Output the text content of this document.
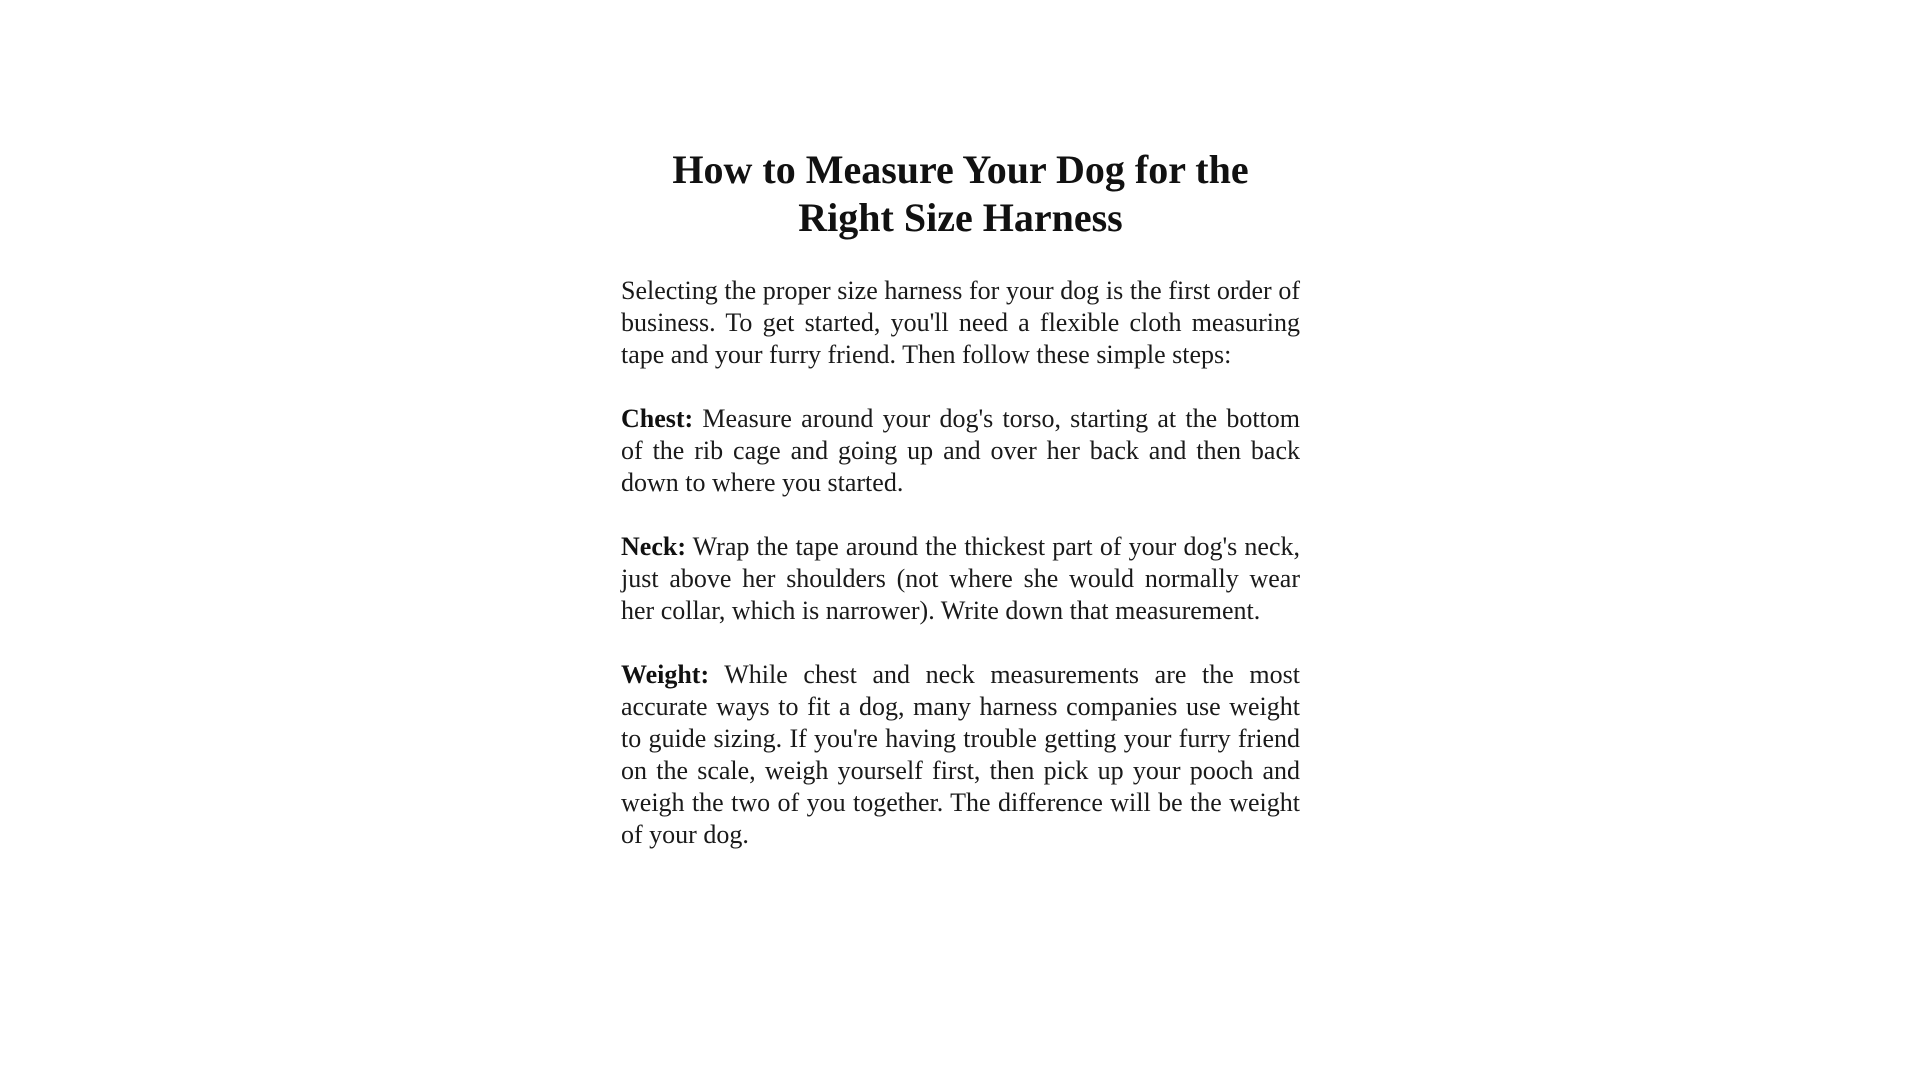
How to Measure Your Dog for the
Right Size Harness

Selecting the proper size harness for your dog is the first order of business. To get started, you'll need a flexible cloth measuring tape and your furry friend. Then follow these simple steps:

Chest: Measure around your dog's torso, starting at the bottom of the rib cage and going up and over her back and then back down to where you started.

Neck: Wrap the tape around the thickest part of your dog's neck, just above her shoulders (not where she would normally wear her collar, which is narrower). Write down that measurement.

Weight: While chest and neck measurements are the most accurate ways to fit a dog, many harness companies use weight to guide sizing. If you're having trouble getting your furry friend on the scale, weigh yourself first, then pick up your pooch and weigh the two of you together. The difference will be the weight of your dog.
